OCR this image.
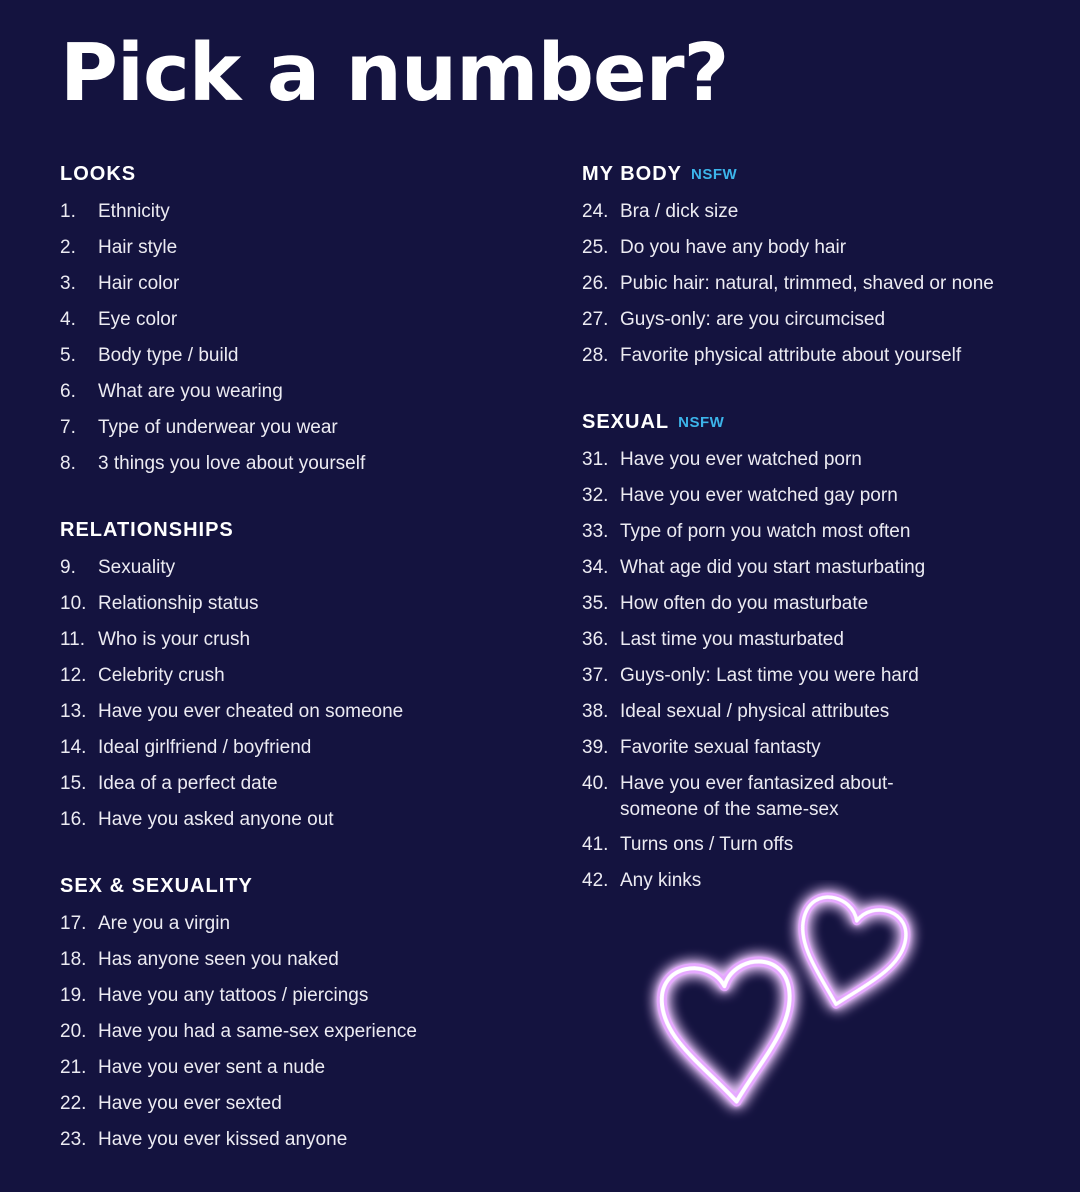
Pick a number?
LOOKS
1.	Ethnicity
2.	Hair style
3.	Hair color
4.	Eye color
5.	Body type / build
6.	What are you wearing
7.	Type of underwear you wear
8.	3 things you love about yourself
RELATIONSHIPS
9.	Sexuality
10. Relationship status
11. Who is your crush
12. Celebrity crush
13. Have you ever cheated on someone
14. Ideal girlfriend / boyfriend
15. Idea of a perfect date
16. Have you asked anyone out
SEX & SEXUALITY
17. Are you a virgin
18. Has anyone seen you naked
19. Have you any tattoos / piercings
20. Have you had a same-sex experience
21. Have you ever sent a nude
22. Have you ever sexted
23. Have you ever kissed anyone
MY BODY NSFW
24. Bra / dick size
25. Do you have any body hair
26. Pubic hair: natural, trimmed, shaved or none
27. Guys-only: are you circumcised
28. Favorite physical attribute about yourself
SEXUAL NSFW
31. Have you ever watched porn
32. Have you ever watched gay porn
33. Type of porn you watch most often
34. What age did you start masturbating
35. How often do you masturbate
36. Last time you masturbated
37. Guys-only: Last time you were hard
38. Ideal sexual / physical attributes
39. Favorite sexual fantasty
40. Have you ever fantasized about- someone of the same-sex
41. Turns ons / Turn offs
42. Any kinks
